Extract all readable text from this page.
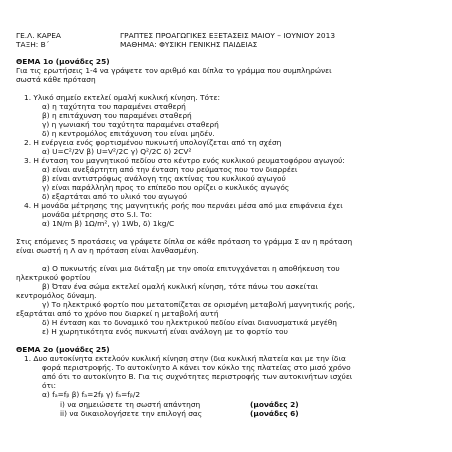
ΓΕ.Λ. ΚΑΡΕΑ	ΓΡΑΠΤΕΣ ΠΡΟΑΓΩΓΙΚΕΣ ΕΞΕΤΑΣΕΙΣ ΜΑΙΟΥ – ΙΟΥΝΙΟΥ 2013
ΤΑΞΗ: Β΄	ΜΑΘΗΜΑ: ΦΥΣΙΚΗ ΓΕΝΙΚΗΣ ΠΑΙΔΕΙΑΣ
ΘΕΜΑ 1ο (μονάδες 25)
Για τις ερωτήσεις 1-4 να γράψετε τον αριθμό και δίπλα το γράμμα που συμπληρώνει
σωστά κάθε πρόταση
1. Υλικό σημείο εκτελεί ομαλή κυκλική κίνηση. Τότε:
α) η ταχύτητα του παραμένει σταθερή
β) η επιτάχυνση του παραμένει σταθερή
γ) η γωνιακή του ταχύτητα παραμένει σταθερή
δ) η κεντρομόλος επιτάχυνση του είναι μηδέν.
2. Η ενέργεια ενός φορτισμένου πυκνωτή υπολογίζεται από τη σχέση
α) U=C²/2V β) U=V²/2C γ) Q²/2C δ) 2CV²
3. Η ένταση του μαγνητικού πεδίου στο κέντρο ενός κυκλικού ρευματοφόρου αγωγού:
α) είναι ανεξάρτητη από την ένταση του ρεύματος που τον διαρρέει
β) είναι αντιστρόφως ανάλογη της ακτίνας του κυκλικού αγωγού
γ) είναι παράλληλη προς το επίπεδο που ορίζει ο κυκλικός αγωγός
δ) εξαρτάται από το υλικό του αγωγού
4. Η μονάδα μέτρησης της μαγνητικής ροής που περνάει μέσα από μια επιφάνεια έχει
μονάδα μέτρησης στο S.I. Το:
α) 1N/m β) 1Ω/m², γ) 1Wb, δ) 1kg/C
Στις επόμενες 5 προτάσεις να γράψετε δίπλα σε κάθε πρόταση το γράμμα Σ αν η πρόταση
είναι σωστή η Λ αν η πρόταση είναι λανθασμένη.
α) Ο πυκνωτής είναι μια διάταξη με την οποία επιτυγχάνεται η αποθήκευση του
ηλεκτρικού φορτίου
β) Όταν ένα σώμα εκτελεί ομαλή κυκλική κίνηση, τότε πάνω του ασκείται
κεντρομόλος δύναμη.
γ) Το ηλεκτρικό φορτίο που μετατοπίζεται σε ορισμένη μεταβολή μαγνητικής ροής,
εξαρτάται από το χρόνο που διαρκεί η μεταβολή αυτή
δ) Η ένταση και το δυναμικό του ηλεκτρικού πεδίου είναι διανυσματικά μεγέθη
ε) Η χωρητικότητα ενός πυκνωτή είναι ανάλογη με το φορτίο του
ΘΕΜΑ 2ο (μονάδες 25)
1. Δυο αυτοκίνητα εκτελούν κυκλική κίνηση στην (δια κυκλική πλατεία και με την ίδια
φορά περιστροφής. Το αυτοκίνητο Α κάνει τον κύκλο της πλατείας στο μισό χρόνο
από ότι το αυτοκίνητο Β. Για τις συχνότητες περιστροφής των αυτοκινήτων ισχύει
ότι:
α) fₐ=fᵦ β) fₐ=2fᵦ γ) fₐ=fᵦ/2
i) να σημειώσετε τη σωστή απάντηση	(μονάδες 2)
ii) να δικαιολογήσετε την επιλογή σας	(μονάδες 6)
